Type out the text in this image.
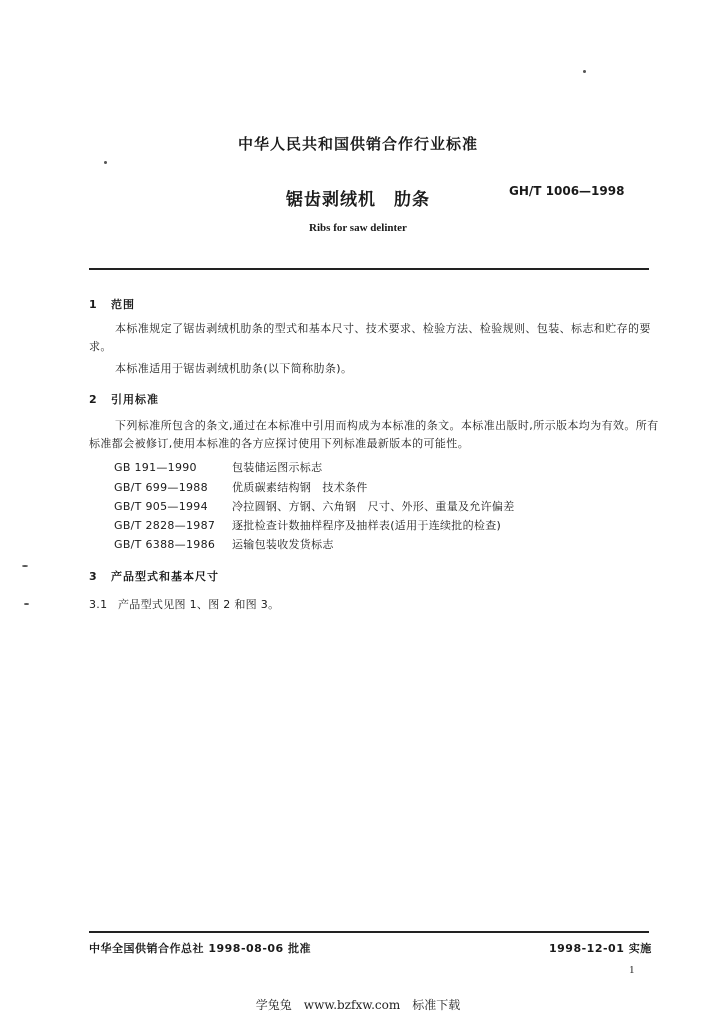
中华人民共和国供销合作行业标准
锯齿剥绒机　肋条	GH/T 1006—1998
Ribs for saw delinter
1 范围
本标准规定了锯齿剥绒机肋条的型式和基本尺寸、技术要求、检验方法、检验规则、包装、标志和贮存的要求。
本标准适用于锯齿剥绒机肋条(以下简称肋条)。
2 引用标准
下列标准所包含的条文,通过在本标准中引用而构成为本标准的条文。本标准出版时,所示版本均为有效。所有标准都会被修订,使用本标准的各方应探讨使用下列标准最新版本的可能性。
GB 191—1990	包装储运图示标志
GB/T 699—1988 优质碳素结构钢　技术条件
GB/T 905—1994 冷拉圆钢、方钢、六角钢　尺寸、外形、重量及允许偏差
GB/T 2828—1987 逐批检查计数抽样程序及抽样表(适用于连续批的检查)
GB/T 6388—1986 运输包装收发货标志
3 产品型式和基本尺寸
3.1 产品型式见图 1、图 2 和图 3。
中华全国供销合作总社 1998-08-06 批准	1998-12-01 实施
1
学兔兔　www.bzfxw.com　标准下载
